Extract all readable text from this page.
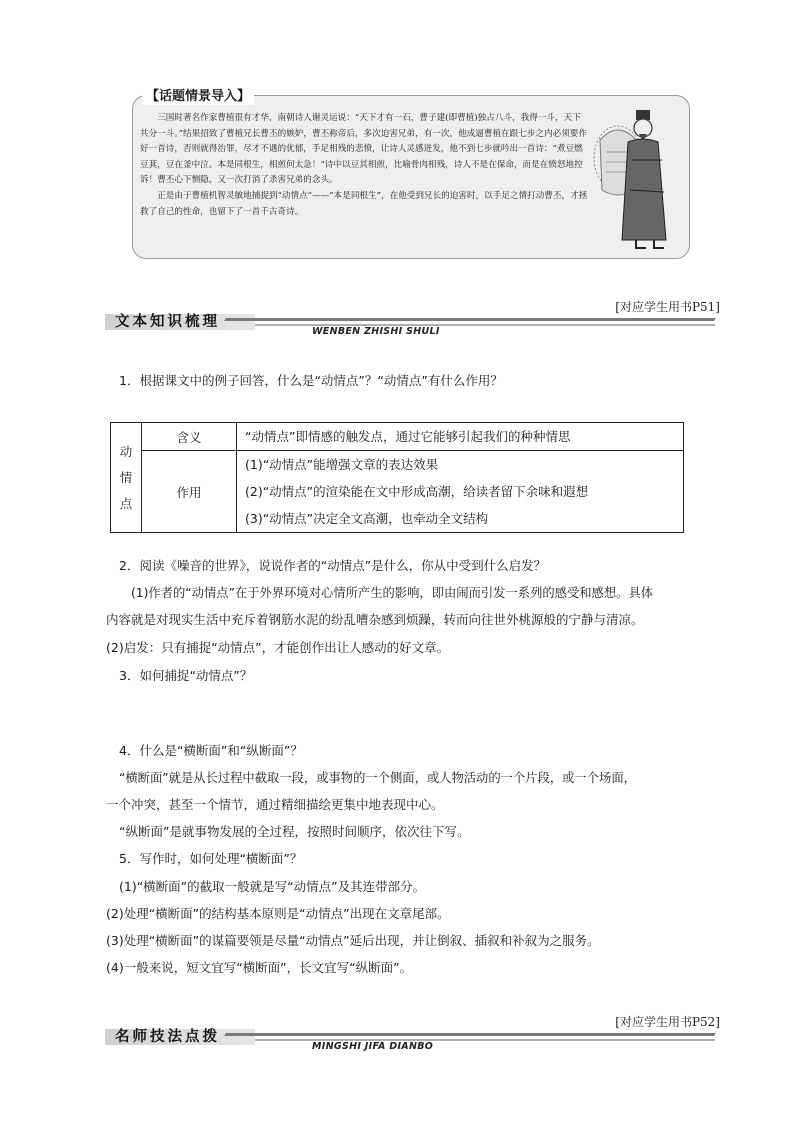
【话题情景导入】

三国时著名作家曹植很有才华，南朝诗人谢灵运说：“天下才有一石，曹子建(即曹植)独占八斗，我得一斗，天下共分一斗。”结果招致了曹植兄长曹丕的嫉妒，曹丕称帝后，多次迫害兄弟，有一次，他成逼曹植在跟七步之内必须要作好一首诗，否则就得治罪，尽才不遇的优郁，手足相残的悲愤，让诗人灵感迸发，他不到七步就吟出一首诗：“煮豆燃豆萁，豆在釜中泣。本是同根生，相煎何太急！”诗中以豆其相煎，比喻骨肉相残，诗人不是在保命，而是在愤怒地控诉！曹丕心下恻隐，又一次打消了杀害兄弟的念头。

正是由于曹植机智灵敏地捕捉到“动情点”——“本是同根生”，在他受到兄长的迫害时，以手足之情打动曹丕，才拯救了自己的性命，也留下了一首千古奇诗。

[对应学生用书P51]
文本知识梳理
WENBEN ZHISHI SHULI
1．根据课文中的例子回答，什么是“动情点”？“动情点”有什么作用？
动
情
点	含义	“动情点”即情感的触发点，通过它能够引起我们的种种情思

	作用	(1)“动情点”能增强文章的表达效果
(2)“动情点”的渲染能在文中形成高潮，给读者留下余味和遐想
(3)“动情点”决定全文高潮，也牵动全文结构
2．阅读《噪音的世界》，说说作者的“动情点”是什么，你从中受到什么启发？
(1)作者的“动情点”在于外界环境对心情所产生的影响，即由闹而引发一系列的感受和感想。具体
内容就是对现实生活中充斥着钢筋水泥的纷乱嘈杂感到烦躁，转而向往世外桃源般的宁静与清凉。
(2)启发：只有捕捉“动情点”，才能创作出让人感动的好文章。
3．如何捕捉“动情点”？
4．什么是“横断面”和“纵断面”？
“横断面”就是从长过程中截取一段，或事物的一个侧面，或人物活动的一个片段，或一个场面，
一个冲突，甚至一个情节，通过精细描绘更集中地表现中心。
“纵断面”是就事物发展的全过程，按照时间顺序，依次往下写。
5．写作时，如何处理“横断面”？
(1)“横断面”的截取一般就是写“动情点”及其连带部分。
(2)处理“横断面”的结构基本原则是“动情点”出现在文章尾部。
(3)处理“横断面”的谋篇要领是尽量“动情点”延后出现，并让倒叙、插叙和补叙为之服务。
(4)一般来说，短文宜写“横断面”，长文宜写“纵断面”。
[对应学生用书P52]
名师技法点拨
MINGSHI JIFA DIANBO
